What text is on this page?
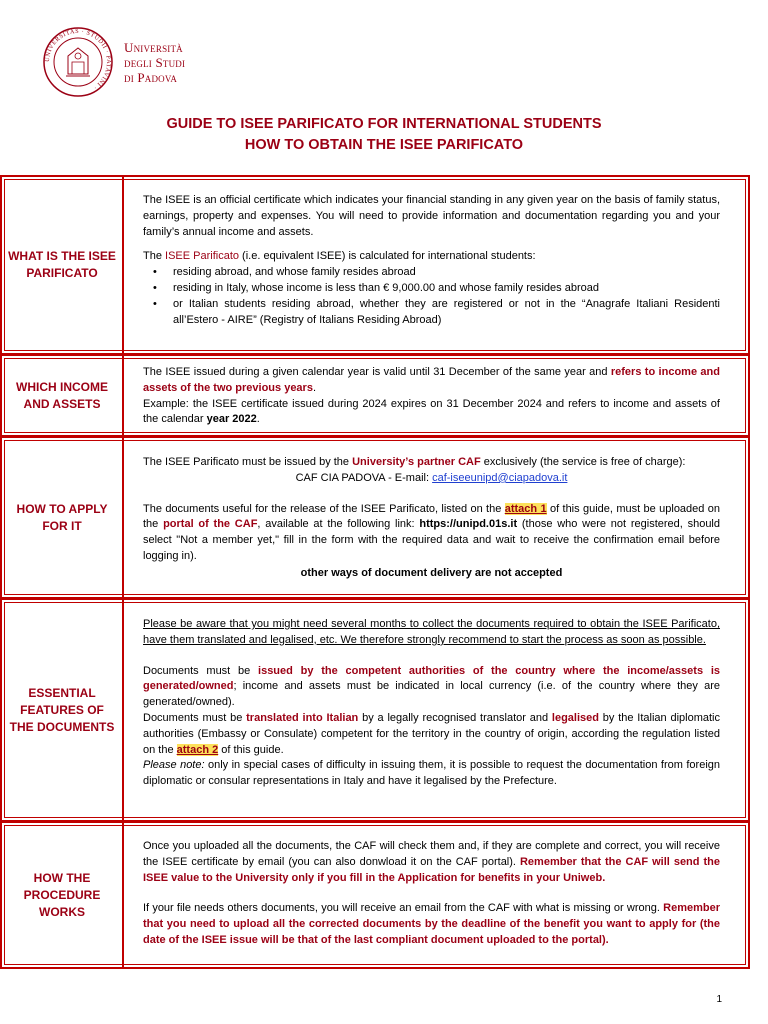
UNIVERSITAS · STUDII · PATAVINI ·
Università
degli Studi
di Padova
GUIDE TO ISEE PARIFICATO FOR INTERNATIONAL STUDENTS
HOW TO OBTAIN THE ISEE PARIFICATO
WHAT IS THE ISEE PARIFICATO

The ISEE is an official certificate which indicates your financial standing in any given year on the basis of family status, earnings, property and expenses. You will need to provide information and documentation regarding you and your family’s annual income and assets.

The ISEE Parificato (i.e. equivalent ISEE) is calculated for international students:

• residing abroad, and whose family resides abroad
• residing in Italy, whose income is less than € 9,000.00 and whose family resides abroad
• or Italian students residing abroad, whether they are registered or not in the “Anagrafe Italiani Residenti all’Estero - AIRE” (Registry of Italians Residing Abroad)
WHICH INCOME AND ASSETS

The ISEE issued during a given calendar year is valid until 31 December of the same year and refers to income and assets of the two previous years.

Example: the ISEE certificate issued during 2024 expires on 31 December 2024 and refers to income and assets of the calendar year 2022.

HOW TO APPLY FOR IT

The ISEE Parificato must be issued by the University’s partner CAF exclusively (the service is free of charge):

CAF CIA PADOVA - E-mail: caf-iseeunipd@ciapadova.it

The documents useful for the release of the ISEE Parificato, listed on the attach 1 of this guide, must be uploaded on the portal of the CAF, available at the following link: https://unipd.01s.it (those who were not registered, should select "Not a member yet," fill in the form with the required data and wait to receive the confirmation email before logging in).

other ways of document delivery are not accepted

ESSENTIAL FEATURES OF THE DOCUMENTS

Please be aware that you might need several months to collect the documents required to obtain the ISEE Parificato, have them translated and legalised, etc. We therefore strongly recommend to start the process as soon as possible.

Documents must be issued by the competent authorities of the country where the income/assets is generated/owned; income and assets must be indicated in local currency (i.e. of the country where they are generated/owned).

Documents must be translated into Italian by a legally recognised translator and legalised by the Italian diplomatic authorities (Embassy or Consulate) competent for the territory in the country of origin, according the regulation listed on the attach 2 of this guide.

Please note: only in special cases of difficulty in issuing them, it is possible to request the documentation from foreign diplomatic or consular representations in Italy and have it legalised by the Prefecture.

HOW THE PROCEDURE WORKS

Once you uploaded all the documents, the CAF will check them and, if they are complete and correct, you will receive the ISEE certificate by email (you can also donwload it on the CAF portal). Remember that the CAF will send the ISEE value to the University only if you fill in the Application for benefits in your Uniweb.

If your file needs others documents, you will receive an email from the CAF with what is missing or wrong. Remember that you need to upload all the corrected documents by the deadline of the benefit you want to apply for (the date of the ISEE issue will be that of the last compliant document uploaded to the portal).

1
